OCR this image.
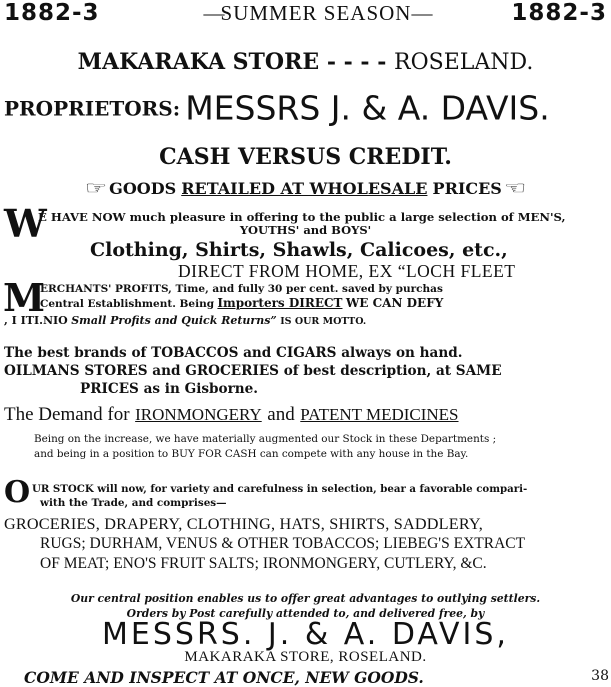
1882-3	—SUMMER SEASON—	1882-3
MAKARAKA STORE - - - - ROSELAND.
PROPRIETORS: MESSRS J. & A. DAVIS.
CASH VERSUS CREDIT.
☞ GOODS RETAILED AT WHOLESALE PRICES ☜
W
E HAVE NOW much pleasure in offering to the public a large selection of MEN'S,
YOUTHS' and BOYS'
Clothing, Shirts, Shawls, Calicoes, etc.,
DIRECT FROM HOME, EX “LOCH FLEET
M
ERCHANTS' PROFITS, Time, and fully 30 per cent. saved by purchas
Central Establishment. Being Importers DIRECT WE CAN DEFY
, I ITI.NIO Small Profits and Quick Returns” IS OUR MOTTO.
The best brands of TOBACCOS and CIGARS always on hand.
OILMANS STORES and GROCERIES of best description, at SAME
PRICES as in Gisborne.
The Demand for IRONMONGERY and PATENT MEDICINES
Being on the increase, we have materially augmented our Stock in these Departments ;
and being in a position to BUY FOR CASH can compete with any house in the Bay.
O UR STOCK will now, for variety and carefulness in selection, bear a favorable compari-
with the Trade, and comprises—
GROCERIES, DRAPERY, CLOTHING, HATS, SHIRTS, SADDLERY,
RUGS; DURHAM, VENUS & OTHER TOBACCOS; LIEBEG'S EXTRACT
OF MEAT; ENO'S FRUIT SALTS; IRONMONGERY, CUTLERY, &C.
Our central position enables us to offer great advantages to outlying settlers.
Orders by Post carefully attended to, and delivered free, by
MESSRS. J. & A. DAVIS,
MAKARAKA STORE, ROSELAND.
COME AND INSPECT AT ONCE, NEW GOODS.	38
